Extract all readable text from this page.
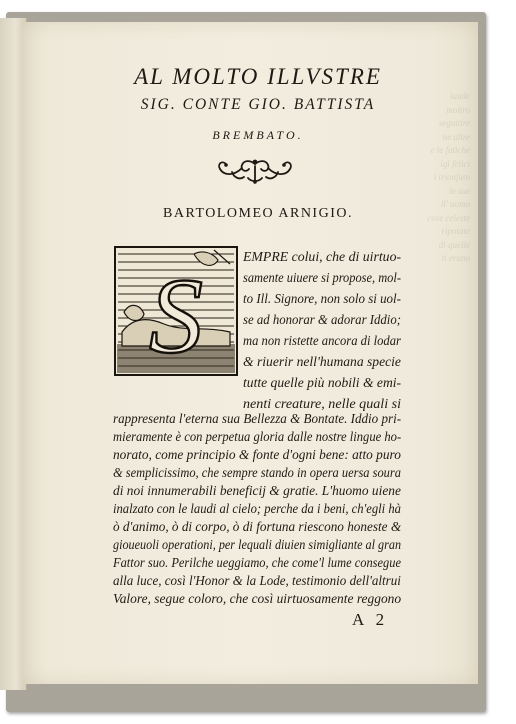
laude
moltro
seguitire
ne altre
e le fatiche
igl felici
i trionfato
le sue
ll' uomo
cose celeste
ripotate
di quelle
ti erano
AL MOLTO ILLVSTRE
SIG. CONTE GIO. BATTISTA
BREMBATO.
BARTOLOMEO ARNIGIO.
S
EMPRE colui, che di uirtuo-
samente uiuere si propose, mol-
to Ill. Signore, non solo si uol-
se ad honorar & adorar Iddio;
ma non ristette ancora di lodar
& riuerir nell'humana specie
tutte quelle più nobili & emi-
nenti creature, nelle quali si
rappresenta l'eterna sua Bellezza & Bontate. Iddio pri-
mieramente è con perpetua gloria dalle nostre lingue ho-
norato, come principio & fonte d'ogni bene: atto puro
& semplicissimo, che sempre stando in opera uersa soura
di noi innumerabili beneficij & gratie. L'huomo uiene
inalzato con le laudi al cielo; perche da i beni, ch'egli hà
ò d'animo, ò di corpo, ò di fortuna riescono honeste &
gioueuoli operationi, per lequali diuien simigliante al gran
Fattor suo. Perilche ueggiamo, che come'l lume consegue
alla luce, così l'Honor & la Lode, testimonio dell'altrui
Valore, segue coloro, che così uirtuosamente reggono
A 2
